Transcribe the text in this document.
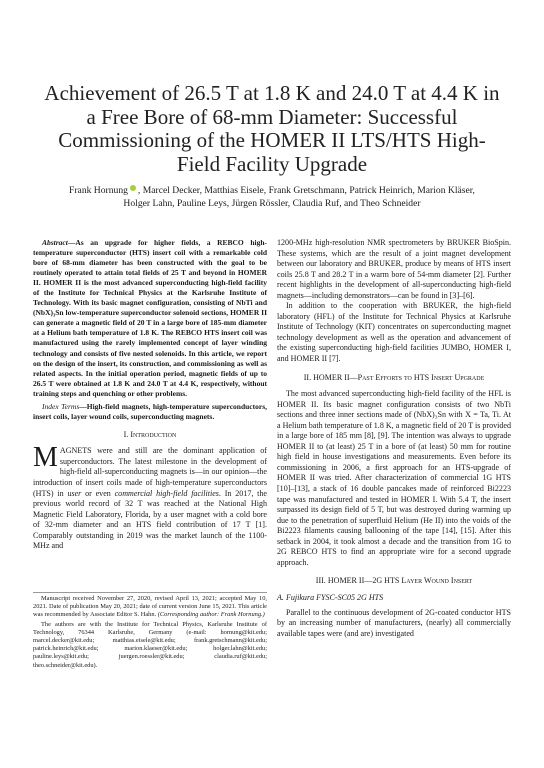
Achievement of 26.5 T at 1.8 K and 24.0 T at 4.4 K in a Free Bore of 68-mm Diameter: Successful Commissioning of the HOMER II LTS/HTS High-Field Facility Upgrade
Frank Hornung , Marcel Decker, Matthias Eisele, Frank Gretschmann, Patrick Heinrich, Marion Kläser,
Holger Lahn, Pauline Leys, Jürgen Rössler, Claudia Ruf, and Theo Schneider

Abstract—As an upgrade for higher fields, a REBCO high-temperature superconductor (HTS) insert coil with a remarkable cold bore of 68-mm diameter has been constructed with the goal to be routinely operated to attain total fields of 25 T and beyond in HOMER II. HOMER II is the most advanced superconducting high-field facility of the Institute for Technical Physics at the Karlsruhe Institute of Technology. With its basic magnet configuration, consisting of NbTi and (NbX)₃Sn low-temperature superconductor solenoid sections, HOMER II can generate a magnetic field of 20 T in a large bore of 185-mm diameter at a Helium bath temperature of 1.8 K. The REBCO HTS insert coil was manufactured using the rarely implemented concept of layer winding technology and consists of five nested solenoids. In this article, we report on the design of the insert, its construction, and commissioning as well as related aspects. In the initial operation period, magnetic fields of up to 26.5 T were obtained at 1.8 K and 24.0 T at 4.4 K, respectively, without training steps and quenching or other problems.

Index Terms—High-field magnets, high-temperature superconductors, insert coils, layer wound coils, superconducting magnets.

I. Introduction

MAGNETS were and still are the dominant application of superconductors. The latest milestone in the development of high-field all-superconducting magnets is—in our opinion—the introduction of insert coils made of high-temperature superconductors (HTS) in user or even commercial high-field facilities. In 2017, the previous world record of 32 T was reached at the National High Magnetic Field Laboratory, Florida, by a user magnet with a cold bore of 32-mm diameter and an HTS field contribution of 17 T [1]. Comparably outstanding in 2019 was the market launch of the 1100-MHz and

Manuscript received November 27, 2020, revised April 13, 2021; accepted May 10, 2021. Date of publication May 20, 2021; date of current version June 15, 2021. This article was recommended by Associate Editor S. Hahn. (Corresponding author: Frank Hornung.)

The authors are with the Institute for Technical Physics, Karlsruhe Institute of Technology, 76344 Karlsruhe, Germany (e-mail: hornung@kit.edu; marcel.decker@kit.edu; matthias.eisele@kit.edu; frank.gretschmann@kit.edu; patrick.heinrich@kit.edu; marion.klaeser@kit.edu; holger.lahn@kit.edu; pauline.leys@kit.edu; juergen.roessler@kit.edu; claudia.ruf@kit.edu; theo.schneider@kit.edu).

1200-MHz high-resolution NMR spectrometers by BRUKER BioSpin. These systems, which are the result of a joint magnet development between our laboratory and BRUKER, produce by means of HTS insert coils 25.8 T and 28.2 T in a warm bore of 54-mm diameter [2]. Further recent highlights in the development of all-superconducting high-field magnets—including demonstrators—can be found in [3]–[6].

In addition to the cooperation with BRUKER, the high-field laboratory (HFL) of the Institute for Technical Physics at Karlsruhe Institute of Technology (KIT) concentrates on superconducting magnet technology development as well as the operation and advancement of the existing superconducting high-field facilities JUMBO, HOMER I, and HOMER II [7].

II. HOMER II—Past Efforts to HTS Insert Upgrade

The most advanced superconducting high-field facility of the HFL is HOMER II. Its basic magnet configuration consists of two NbTi sections and three inner sections made of (NbX)₃Sn with X = Ta, Ti. At a Helium bath temperature of 1.8 K, a magnetic field of 20 T is provided in a large bore of 185 mm [8], [9]. The intention was always to upgrade HOMER II to (at least) 25 T in a bore of (at least) 50 mm for routine high field in house investigations and measurements. Even before its commissioning in 2006, a first approach for an HTS-upgrade of HOMER II was tried. After characterization of commercial 1G HTS [10]–[13], a stack of 16 double pancakes made of reinforced Bi2223 tape was manufactured and tested in HOMER I. With 5.4 T, the insert surpassed its design field of 5 T, but was destroyed during warming up due to the penetration of superfluid Helium (He II) into the voids of the Bi2223 filaments causing ballooning of the tape [14], [15]. After this setback in 2004, it took almost a decade and the transition from 1G to 2G REBCO HTS to find an appropriate wire for a second upgrade approach.

III. HOMER II—2G HTS Layer Wound Insert
A. Fujikura FYSC-SC05 2G HTS

Parallel to the continuous development of 2G-coated conductor HTS by an increasing number of manufacturers, (nearly) all commercially available tapes were (and are) investigated
